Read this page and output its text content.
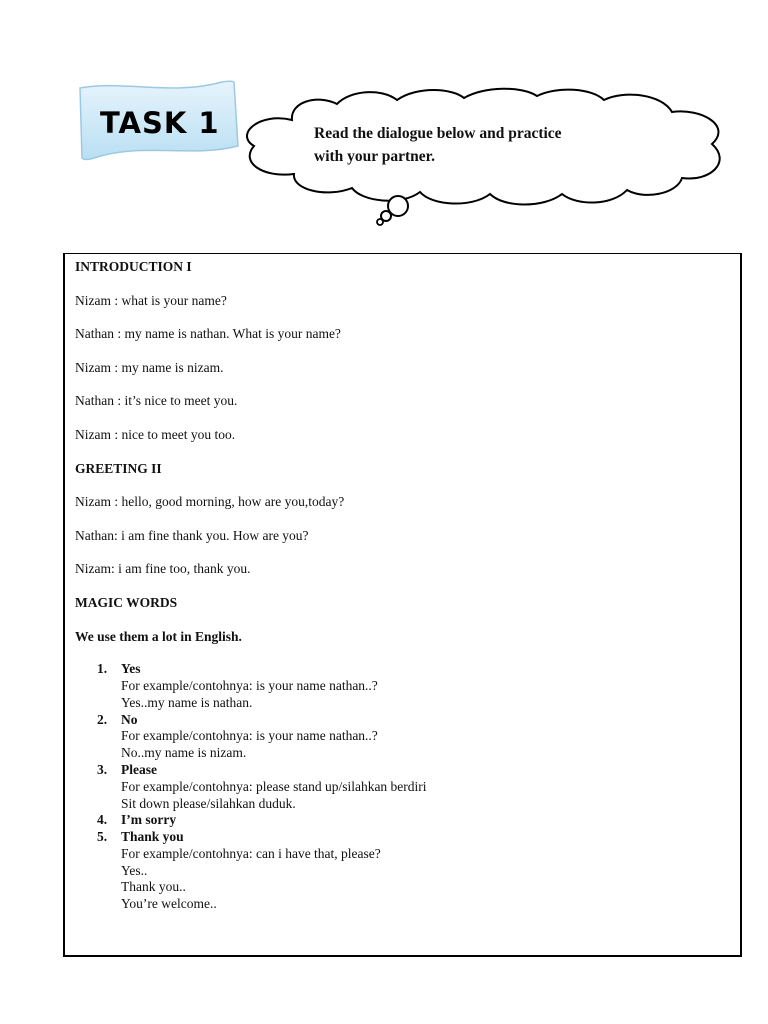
TASK 1	Read the dialogue below and practice
with your partner.
INTRODUCTION I
Nizam : what is your name?
Nathan : my name is nathan. What is your name?
Nizam : my name is nizam.
Nathan : it’s nice to meet you.
Nizam : nice to meet you too.
GREETING II
Nizam : hello, good morning, how are you,today?
Nathan: i am fine thank you. How are you?
Nizam: i am fine too, thank you.
MAGIC WORDS
We use them a lot in English.
1. Yes
For example/contohnya: is your name nathan..?
Yes..my name is nathan.
2. No
For example/contohnya: is your name nathan..?
No..my name is nizam.
3. Please
For example/contohnya: please stand up/silahkan berdiri
Sit down please/silahkan duduk.
4. I’m sorry
5. Thank you
For example/contohnya: can i have that, please?
Yes..
Thank you..
You’re welcome..
